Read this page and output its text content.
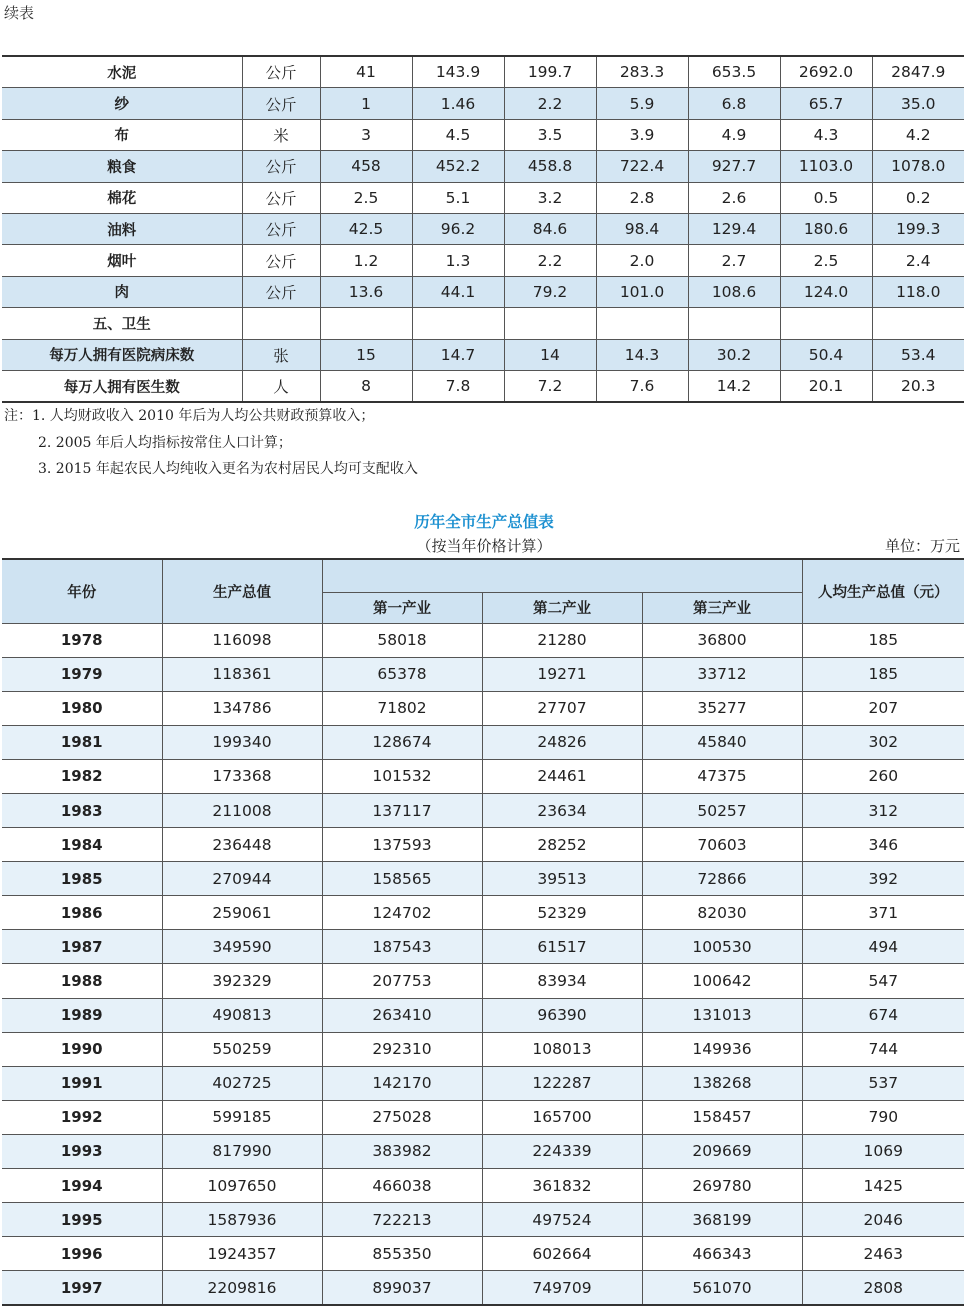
续表
水泥	公斤	41	143.9	199.7	283.3	653.5	2692.0	2847.9
纱	公斤	1	1.46	2.2	5.9	6.8	65.7	35.0
布	米	3	4.5	3.5	3.9	4.9	4.3	4.2
粮食	公斤	458	452.2	458.8	722.4	927.7	1103.0	1078.0
棉花	公斤	2.5	5.1	3.2	2.8	2.6	0.5	0.2
油料	公斤	42.5	96.2	84.6	98.4	129.4	180.6	199.3
烟叶	公斤	1.2	1.3	2.2	2.0	2.7	2.5	2.4
肉	公斤	13.6	44.1	79.2	101.0	108.6	124.0	118.0
五、卫生								
每万人拥有医院病床数	张	15	14.7	14	14.3	30.2	50.4	53.4
每万人拥有医生数	人	8	7.8	7.2	7.6	14.2	20.1	20.3
注：1. 人均财政收入 2010 年后为人均公共财政预算收入；
2. 2005 年后人均指标按常住人口计算；
3. 2015 年起农民人均纯收入更名为农村居民人均可支配收入
历年全市生产总值表
（按当年价格计算）	单位：万元
年份	生产总值				人均生产总值（元）
		第一产业	第二产业	第三产业	
1978	116098	58018	21280	36800	185
1979	118361	65378	19271	33712	185
1980	134786	71802	27707	35277	207
1981	199340	128674	24826	45840	302
1982	173368	101532	24461	47375	260
1983	211008	137117	23634	50257	312
1984	236448	137593	28252	70603	346
1985	270944	158565	39513	72866	392
1986	259061	124702	52329	82030	371
1987	349590	187543	61517	100530	494
1988	392329	207753	83934	100642	547
1989	490813	263410	96390	131013	674
1990	550259	292310	108013	149936	744
1991	402725	142170	122287	138268	537
1992	599185	275028	165700	158457	790
1993	817990	383982	224339	209669	1069
1994	1097650	466038	361832	269780	1425
1995	1587936	722213	497524	368199	2046
1996	1924357	855350	602664	466343	2463
1997	2209816	899037	749709	561070	2808
